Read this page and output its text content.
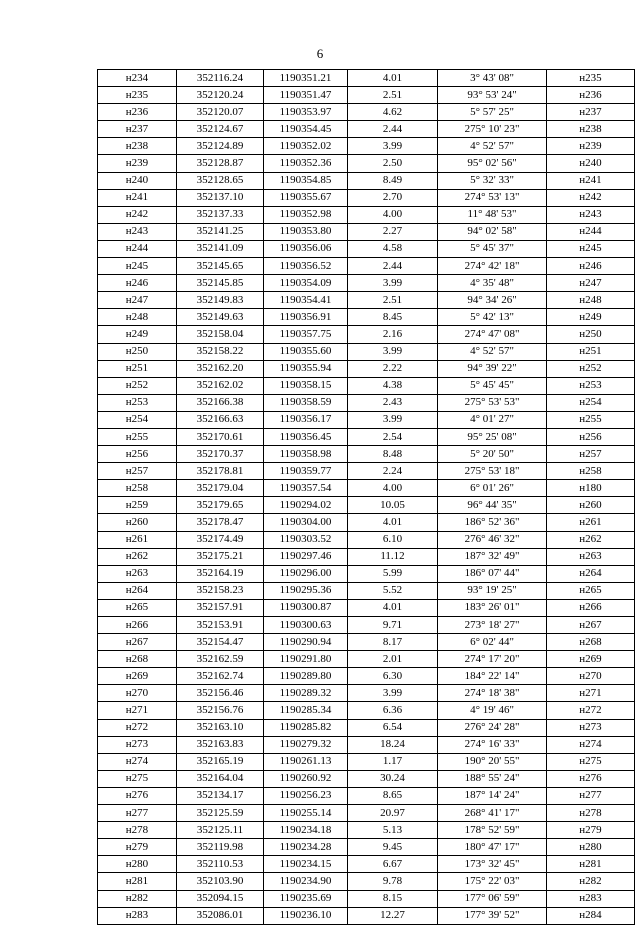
6
н234	352116.24	1190351.21	4.01	3° 43' 08"	н235
н235	352120.24	1190351.47	2.51	93° 53' 24"	н236
н236	352120.07	1190353.97	4.62	5° 57' 25"	н237
н237	352124.67	1190354.45	2.44	275° 10' 23"	н238
н238	352124.89	1190352.02	3.99	4° 52' 57"	н239
н239	352128.87	1190352.36	2.50	95° 02' 56"	н240
н240	352128.65	1190354.85	8.49	5° 32' 33"	н241
н241	352137.10	1190355.67	2.70	274° 53' 13"	н242
н242	352137.33	1190352.98	4.00	11° 48' 53"	н243
н243	352141.25	1190353.80	2.27	94° 02' 58"	н244
н244	352141.09	1190356.06	4.58	5° 45' 37"	н245
н245	352145.65	1190356.52	2.44	274° 42' 18"	н246
н246	352145.85	1190354.09	3.99	4° 35' 48"	н247
н247	352149.83	1190354.41	2.51	94° 34' 26"	н248
н248	352149.63	1190356.91	8.45	5° 42' 13"	н249
н249	352158.04	1190357.75	2.16	274° 47' 08"	н250
н250	352158.22	1190355.60	3.99	4° 52' 57"	н251
н251	352162.20	1190355.94	2.22	94° 39' 22"	н252
н252	352162.02	1190358.15	4.38	5° 45' 45"	н253
н253	352166.38	1190358.59	2.43	275° 53' 53"	н254
н254	352166.63	1190356.17	3.99	4° 01' 27"	н255
н255	352170.61	1190356.45	2.54	95° 25' 08"	н256
н256	352170.37	1190358.98	8.48	5° 20' 50"	н257
н257	352178.81	1190359.77	2.24	275° 53' 18"	н258
н258	352179.04	1190357.54	4.00	6° 01' 26"	н180
н259	352179.65	1190294.02	10.05	96° 44' 35"	н260
н260	352178.47	1190304.00	4.01	186° 52' 36"	н261
н261	352174.49	1190303.52	6.10	276° 46' 32"	н262
н262	352175.21	1190297.46	11.12	187° 32' 49"	н263
н263	352164.19	1190296.00	5.99	186° 07' 44"	н264
н264	352158.23	1190295.36	5.52	93° 19' 25"	н265
н265	352157.91	1190300.87	4.01	183° 26' 01"	н266
н266	352153.91	1190300.63	9.71	273° 18' 27"	н267
н267	352154.47	1190290.94	8.17	6° 02' 44"	н268
н268	352162.59	1190291.80	2.01	274° 17' 20"	н269
н269	352162.74	1190289.80	6.30	184° 22' 14"	н270
н270	352156.46	1190289.32	3.99	274° 18' 38"	н271
н271	352156.76	1190285.34	6.36	4° 19' 46"	н272
н272	352163.10	1190285.82	6.54	276° 24' 28"	н273
н273	352163.83	1190279.32	18.24	274° 16' 33"	н274
н274	352165.19	1190261.13	1.17	190° 20' 55"	н275
н275	352164.04	1190260.92	30.24	188° 55' 24"	н276
н276	352134.17	1190256.23	8.65	187° 14' 24"	н277
н277	352125.59	1190255.14	20.97	268° 41' 17"	н278
н278	352125.11	1190234.18	5.13	178° 52' 59"	н279
н279	352119.98	1190234.28	9.45	180° 47' 17"	н280
н280	352110.53	1190234.15	6.67	173° 32' 45"	н281
н281	352103.90	1190234.90	9.78	175° 22' 03"	н282
н282	352094.15	1190235.69	8.15	177° 06' 59"	н283
н283	352086.01	1190236.10	12.27	177° 39' 52"	н284
